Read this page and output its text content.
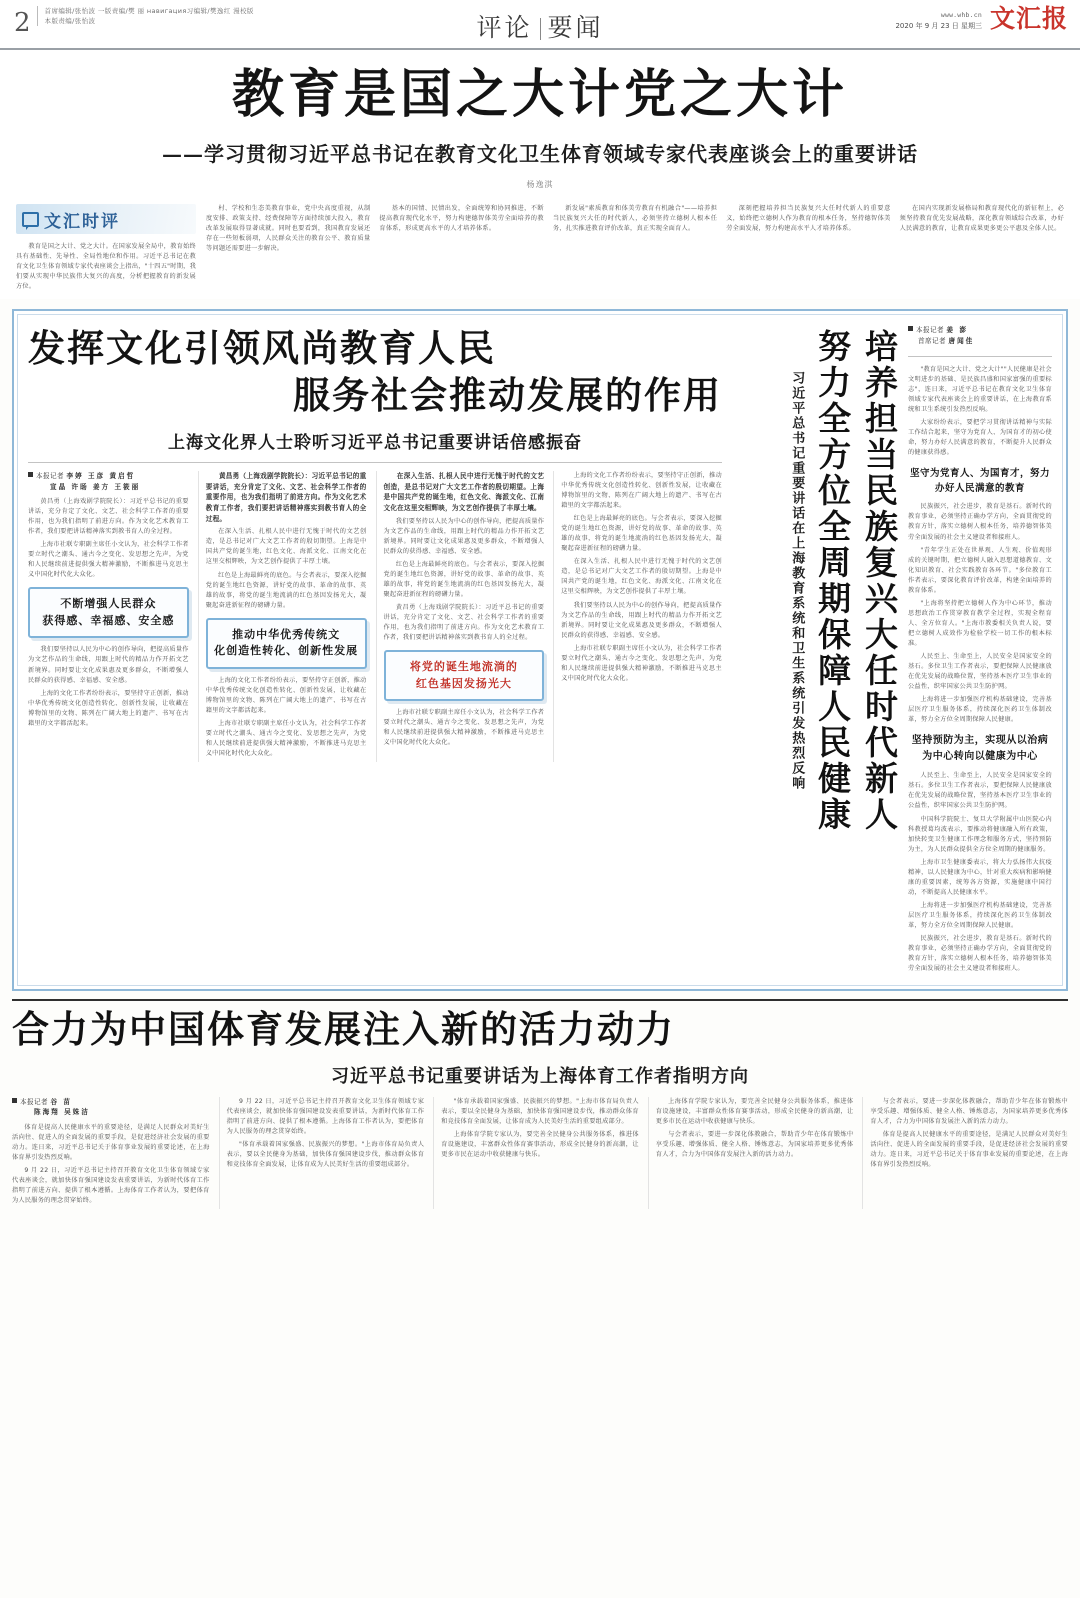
2 首席编辑/张怡波 一版责编/樊 丽 навигация习编辑/樊逸红 漫校版
本版责编/张怡波	评论 要闻	www.whb.cn
2020 年 9 月 23 日 星期三 文汇报
教育是国之大计党之大计
——学习贯彻习近平总书记在教育文化卫生体育领域专家代表座谈会上的重要讲话
杨逸淇
文汇时评

教育是国之大计、党之大计。在国家发展全局中，教育始终具有基础性、先导性、全局性地位和作用。习近平总书记在教育文化卫生体育领域专家代表座谈会上指出，"十四五"时期，我们要从实现中华民族伟大复兴的高度，分析把握教育的新发展方位。

村、学校和生态美教育事业，党中央高度重视，从制度安排、政策支持、经费保障等方面持续加大投入，教育改革发展取得显著成就。同时也要看到，我国教育发展还存在一些短板弱项，人民群众关注的教育公平、教育质量等问题还需要进一步解决。

基本的国情、民情出发，全面统筹和协同推进，不断提高教育现代化水平，努力构建德智体美劳全面培养的教育体系，形成更高水平的人才培养体系。

新发展"素质教育和体美劳教育有机融合"——培养担当民族复兴大任的时代新人，必须坚持立德树人根本任务，扎实推进教育评价改革，真正实现全面育人。

深刻把握培养担当民族复兴大任时代新人的重要意义，始终把立德树人作为教育的根本任务，坚持德智体美劳全面发展，努力构建高水平人才培养体系。

在国内实现新发展格局和教育现代化的新征程上，必须坚持教育优先发展战略，深化教育领域综合改革，办好人民满意的教育，让教育成果更多更公平惠及全体人民。

发挥文化引领风尚教育人民
服务社会推动发展的作用
上海文化界人士聆听习近平总书记重要讲话倍感振奋
本报记者 李婷 王彦 黄启哲
宣晶 许旸 姜方 王筱丽

黄昌勇（上海戏剧学院院长）：习近平总书记的重要讲话，充分肯定了文化、文艺、社会科学工作者的重要作用，也为我们指明了前进方向。作为文化艺术教育工作者，我们要把讲话精神落实到教书育人的全过程。

上海市社联专职副主席任小文认为，社会科学工作者要立时代之潮头、通古今之变化、发思想之先声，为党和人民继续前进提供强大精神激励，不断推进马克思主义中国化时代化大众化。

不断增强人民群众
获得感、幸福感、安全感

我们要坚持以人民为中心的创作导向，把提高质量作为文艺作品的生命线，用跟上时代的精品力作开拓文艺新境界。同时要让文化成果惠及更多群众，不断增强人民群众的获得感、幸福感、安全感。

上海的文化工作者纷纷表示，要坚持守正创新，推动中华优秀传统文化创造性转化、创新性发展，让收藏在博物馆里的文物、陈列在广阔大地上的遗产、书写在古籍里的文字都活起来。

黄昌勇（上海戏剧学院院长）：习近平总书记的重要讲话，充分肯定了文化、文艺、社会科学工作者的重要作用，也为我们指明了前进方向。作为文化艺术教育工作者，我们要把讲话精神落实到教书育人的全过程。

在深入生活、扎根人民中进行无愧于时代的文艺创造，是总书记对广大文艺工作者的殷切期望。上海是中国共产党的诞生地，红色文化、海派文化、江南文化在这里交相辉映，为文艺创作提供了丰厚土壤。

红色是上海最鲜亮的底色。与会者表示，要深入挖掘党的诞生地红色资源，讲好党的故事、革命的故事、英雄的故事，将党的诞生地流淌的红色基因发扬光大，凝聚起奋进新征程的磅礴力量。

推动中华优秀传统文
化创造性转化、创新性发展

上海的文化工作者纷纷表示，要坚持守正创新，推动中华优秀传统文化创造性转化、创新性发展，让收藏在博物馆里的文物、陈列在广阔大地上的遗产、书写在古籍里的文字都活起来。

上海市社联专职副主席任小文认为，社会科学工作者要立时代之潮头、通古今之变化、发思想之先声，为党和人民继续前进提供强大精神激励，不断推进马克思主义中国化时代化大众化。

在深入生活、扎根人民中进行无愧于时代的文艺创造，是总书记对广大文艺工作者的殷切期望。上海是中国共产党的诞生地，红色文化、海派文化、江南文化在这里交相辉映，为文艺创作提供了丰厚土壤。

我们要坚持以人民为中心的创作导向，把提高质量作为文艺作品的生命线，用跟上时代的精品力作开拓文艺新境界。同时要让文化成果惠及更多群众，不断增强人民群众的获得感、幸福感、安全感。

红色是上海最鲜亮的底色。与会者表示，要深入挖掘党的诞生地红色资源，讲好党的故事、革命的故事、英雄的故事，将党的诞生地流淌的红色基因发扬光大，凝聚起奋进新征程的磅礴力量。

黄昌勇（上海戏剧学院院长）：习近平总书记的重要讲话，充分肯定了文化、文艺、社会科学工作者的重要作用，也为我们指明了前进方向。作为文化艺术教育工作者，我们要把讲话精神落实到教书育人的全过程。

将党的诞生地流淌的
红色基因发扬光大

上海市社联专职副主席任小文认为，社会科学工作者要立时代之潮头、通古今之变化、发思想之先声，为党和人民继续前进提供强大精神激励，不断推进马克思主义中国化时代化大众化。

上海的文化工作者纷纷表示，要坚持守正创新，推动中华优秀传统文化创造性转化、创新性发展，让收藏在博物馆里的文物、陈列在广阔大地上的遗产、书写在古籍里的文字都活起来。

红色是上海最鲜亮的底色。与会者表示，要深入挖掘党的诞生地红色资源，讲好党的故事、革命的故事、英雄的故事，将党的诞生地流淌的红色基因发扬光大，凝聚起奋进新征程的磅礴力量。

在深入生活、扎根人民中进行无愧于时代的文艺创造，是总书记对广大文艺工作者的殷切期望。上海是中国共产党的诞生地，红色文化、海派文化、江南文化在这里交相辉映，为文艺创作提供了丰厚土壤。

我们要坚持以人民为中心的创作导向，把提高质量作为文艺作品的生命线，用跟上时代的精品力作开拓文艺新境界。同时要让文化成果惠及更多群众，不断增强人民群众的获得感、幸福感、安全感。

上海市社联专职副主席任小文认为，社会科学工作者要立时代之潮头、通古今之变化、发思想之先声，为党和人民继续前进提供强大精神激励，不断推进马克思主义中国化时代化大众化。	培养担当民族复兴大任时代新人
努力全方位全周期保障人民健康
习近平总书记重要讲话在上海教育系统和卫生系统引发热烈反响
本报记者 姜 澎
首席记者 唐闻佳

"教育是国之大计、党之大计""人民健康是社会文明进步的基础、是民族昌盛和国家富强的重要标志"，连日来，习近平总书记在教育文化卫生体育领域专家代表座谈会上的重要讲话，在上海教育系统和卫生系统引发热烈反响。

大家纷纷表示，要把学习贯彻讲话精神与实际工作结合起来，坚守为党育人、为国育才的初心使命，努力办好人民满意的教育，不断提升人民群众的健康获得感。

坚守为党育人、为国育才，努力办好人民满意的教育

民族振兴，社会进步，教育是基石。新时代的教育事业，必须坚持正确办学方向，全面贯彻党的教育方针，落实立德树人根本任务，培养德智体美劳全面发展的社会主义建设者和接班人。

"青年学生正处在世界观、人生观、价值观形成的关键时期，把立德树人融入思想道德教育、文化知识教育、社会实践教育各环节。"多位教育工作者表示，要深化教育评价改革，构建全面培养的教育体系。

"上海将坚持把立德树人作为中心环节，推动思想政治工作贯穿教育教学全过程，实现全程育人、全方位育人。"上海市教委相关负责人说，要把立德树人成效作为检验学校一切工作的根本标准。

人民至上、生命至上，人民安全是国家安全的基石。多位卫生工作者表示，要把保障人民健康放在优先发展的战略位置，坚持基本医疗卫生事业的公益性，织牢国家公共卫生防护网。

上海将进一步加强医疗机构基础建设，完善基层医疗卫生服务体系，持续深化医药卫生体制改革，努力全方位全周期保障人民健康。

坚持预防为主，实现从以治病为中心转向以健康为中心

人民至上、生命至上，人民安全是国家安全的基石。多位卫生工作者表示，要把保障人民健康放在优先发展的战略位置，坚持基本医疗卫生事业的公益性，织牢国家公共卫生防护网。

中国科学院院士、复旦大学附属中山医院心内科教授葛均波表示，要推动将健康融入所有政策，加快转变卫生健康工作理念和服务方式，坚持预防为主，为人民群众提供全方位全周期的健康服务。

上海市卫生健康委表示，将大力弘扬伟大抗疫精神，以人民健康为中心，针对重大疾病和影响健康的重要因素，统筹各方资源，实施健康中国行动，不断提高人民健康水平。

上海将进一步加强医疗机构基础建设，完善基层医疗卫生服务体系，持续深化医药卫生体制改革，努力全方位全周期保障人民健康。

民族振兴，社会进步，教育是基石。新时代的教育事业，必须坚持正确办学方向，全面贯彻党的教育方针，落实立德树人根本任务，培养德智体美劳全面发展的社会主义建设者和接班人。

合力为中国体育发展注入新的活力动力
习近平总书记重要讲话为上海体育工作者指明方向
本报记者 谷 苗
陈海翔 吴姝洁

体育是提高人民健康水平的重要途径，是满足人民群众对美好生活向往、促进人的全面发展的重要手段，是促进经济社会发展的重要动力。连日来，习近平总书记关于体育事业发展的重要论述，在上海体育界引发热烈反响。

9 月 22 日，习近平总书记主持召开教育文化卫生体育领域专家代表座谈会，就加快体育强国建设发表重要讲话，为新时代体育工作指明了前进方向、提供了根本遵循。上海体育工作者认为，要把体育为人民服务的理念贯穿始终。

9 月 22 日，习近平总书记主持召开教育文化卫生体育领域专家代表座谈会，就加快体育强国建设发表重要讲话，为新时代体育工作指明了前进方向、提供了根本遵循。上海体育工作者认为，要把体育为人民服务的理念贯穿始终。

"体育承载着国家强盛、民族振兴的梦想。"上海市体育局负责人表示，要以全民健身为基础，加快体育强国建设步伐，推动群众体育和竞技体育全面发展，让体育成为人民美好生活的重要组成部分。

"体育承载着国家强盛、民族振兴的梦想。"上海市体育局负责人表示，要以全民健身为基础，加快体育强国建设步伐，推动群众体育和竞技体育全面发展，让体育成为人民美好生活的重要组成部分。

上海体育学院专家认为，要完善全民健身公共服务体系，推进体育设施建设，丰富群众性体育赛事活动，形成全民健身的新高潮，让更多市民在运动中收获健康与快乐。

上海体育学院专家认为，要完善全民健身公共服务体系，推进体育设施建设，丰富群众性体育赛事活动，形成全民健身的新高潮，让更多市民在运动中收获健康与快乐。

与会者表示，要进一步深化体教融合，帮助青少年在体育锻炼中享受乐趣、增强体质、健全人格、锤炼意志，为国家培养更多优秀体育人才，合力为中国体育发展注入新的活力动力。

与会者表示，要进一步深化体教融合，帮助青少年在体育锻炼中享受乐趣、增强体质、健全人格、锤炼意志，为国家培养更多优秀体育人才，合力为中国体育发展注入新的活力动力。

体育是提高人民健康水平的重要途径，是满足人民群众对美好生活向往、促进人的全面发展的重要手段，是促进经济社会发展的重要动力。连日来，习近平总书记关于体育事业发展的重要论述，在上海体育界引发热烈反响。
